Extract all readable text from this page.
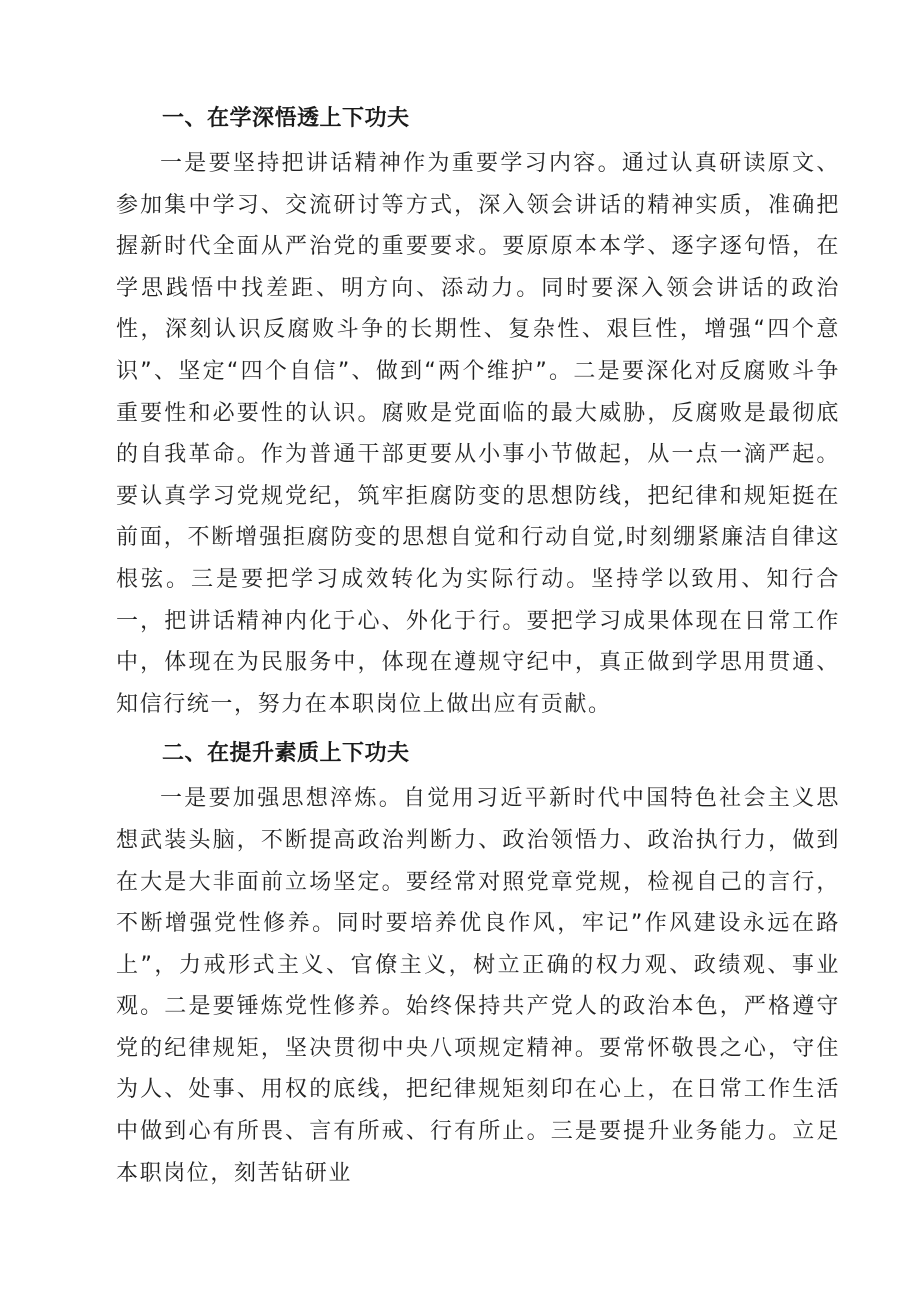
一、在学深悟透上下功夫

一是要坚持把讲话精神作为重要学习内容。通过认真研读原文、参加集中学习、交流研讨等方式，深入领会讲话的精神实质，准确把握新时代全面从严治党的重要要求。要原原本本学、逐字逐句悟，在学思践悟中找差距、明方向、添动力。同时要深入领会讲话的政治性，深刻认识反腐败斗争的长期性、复杂性、艰巨性，增强“四个意识”、坚定“四个自信”、做到“两个维护”。二是要深化对反腐败斗争重要性和必要性的认识。腐败是党面临的最大威胁，反腐败是最彻底的自我革命。作为普通干部更要从小事小节做起，从一点一滴严起。要认真学习党规党纪，筑牢拒腐防变的思想防线，把纪律和规矩挺在前面，不断增强拒腐防变的思想自觉和行动自觉,时刻绷紧廉洁自律这根弦。三是要把学习成效转化为实际行动。坚持学以致用、知行合一，把讲话精神内化于心、外化于行。要把学习成果体现在日常工作中，体现在为民服务中，体现在遵规守纪中，真正做到学思用贯通、知信行统一，努力在本职岗位上做出应有贡献。

二、在提升素质上下功夫

一是要加强思想淬炼。自觉用习近平新时代中国特色社会主义思想武装头脑，不断提高政治判断力、政治领悟力、政治执行力，做到在大是大非面前立场坚定。要经常对照党章党规，检视自己的言行，不断增强党性修养。同时要培养优良作风，牢记”作风建设永远在路上”，力戒形式主义、官僚主义，树立正确的权力观、政绩观、事业观。二是要锤炼党性修养。始终保持共产党人的政治本色，严格遵守党的纪律规矩，坚决贯彻中央八项规定精神。要常怀敬畏之心，守住为人、处事、用权的底线，把纪律规矩刻印在心上，在日常工作生活中做到心有所畏、言有所戒、行有所止。三是要提升业务能力。立足本职岗位，刻苦钻研业
